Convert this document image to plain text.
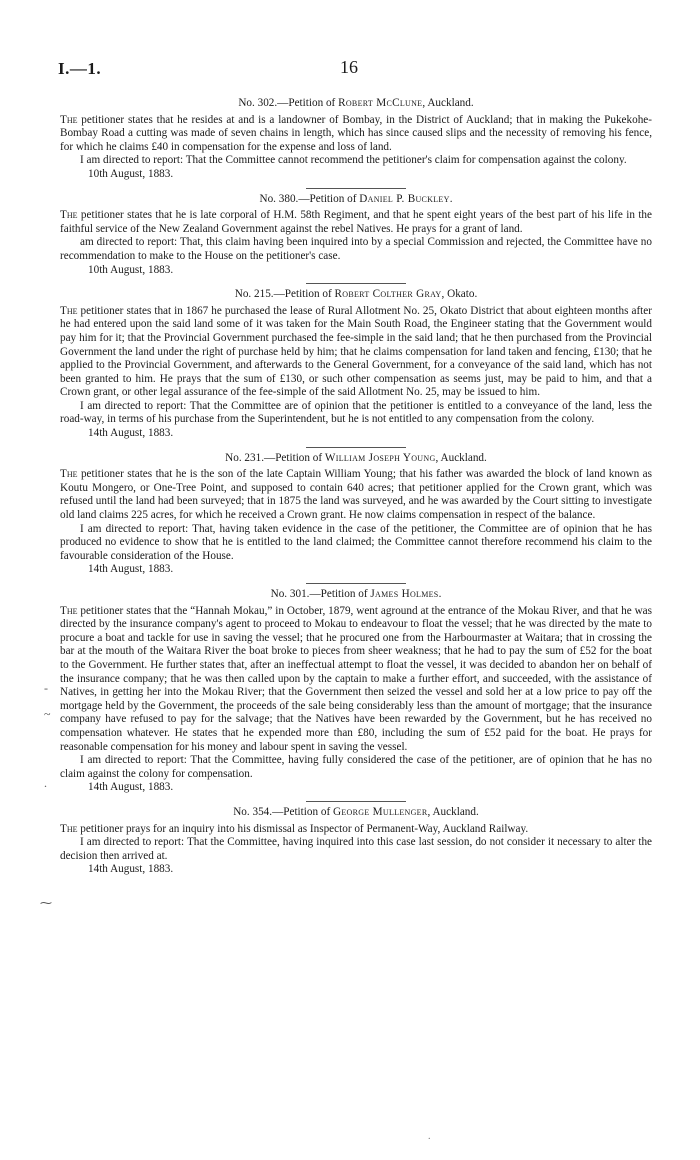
I.—1.	16
-
~
.
⁓
.
No. 302.—Petition of Robert McClune, Auckland.

The petitioner states that he resides at and is a landowner of Bombay, in the District of Auckland; that in making the Pukekohe-Bombay Road a cutting was made of seven chains in length, which has since caused slips and the necessity of removing his fence, for which he claims £40 in compensation for the expense and loss of land.

I am directed to report: That the Committee cannot recommend the petitioner's claim for compensation against the colony.

10th August, 1883.

No. 380.—Petition of Daniel P. Buckley.

The petitioner states that he is late corporal of H.M. 58th Regiment, and that he spent eight years of the best part of his life in the faithful service of the New Zealand Government against the rebel Natives. He prays for a grant of land.

am directed to report: That, this claim having been inquired into by a special Commission and rejected, the Committee have no recommendation to make to the House on the petitioner's case.

10th August, 1883.

No. 215.—Petition of Robert Colther Gray, Okato.

The petitioner states that in 1867 he purchased the lease of Rural Allotment No. 25, Okato District that about eighteen months after he had entered upon the said land some of it was taken for the Main South Road, the Engineer stating that the Government would pay him for it; that the Provincial Government purchased the fee-simple in the said land; that he then purchased from the Provincial Government the land under the right of purchase held by him; that he claims compensation for land taken and fencing, £130; that he applied to the Provincial Government, and afterwards to the General Government, for a conveyance of the said land, which has not been granted to him. He prays that the sum of £130, or such other compensation as seems just, may be paid to him, and that a Crown grant, or other legal assurance of the fee-simple of the said Allotment No. 25, may be issued to him.

I am directed to report: That the Committee are of opinion that the petitioner is entitled to a conveyance of the land, less the road-way, in terms of his purchase from the Superintendent, but he is not entitled to any compensation from the colony.

14th August, 1883.

No. 231.—Petition of William Joseph Young, Auckland.

The petitioner states that he is the son of the late Captain William Young; that his father was awarded the block of land known as Koutu Mongero, or One-Tree Point, and supposed to contain 640 acres; that petitioner applied for the Crown grant, which was refused until the land had been surveyed; that in 1875 the land was surveyed, and he was awarded by the Court sitting to investigate old land claims 225 acres, for which he received a Crown grant. He now claims compensation in respect of the balance.

I am directed to report: That, having taken evidence in the case of the petitioner, the Committee are of opinion that he has produced no evidence to show that he is entitled to the land claimed; the Committee cannot therefore recommend his claim to the favourable consideration of the House.

14th August, 1883.

No. 301.—Petition of James Holmes.

The petitioner states that the “Hannah Mokau,” in October, 1879, went aground at the entrance of the Mokau River, and that he was directed by the insurance company's agent to proceed to Mokau to endeavour to float the vessel; that he was directed by the mate to procure a boat and tackle for use in saving the vessel; that he procured one from the Harbourmaster at Waitara; that in crossing the bar at the mouth of the Waitara River the boat broke to pieces from sheer weakness; that he had to pay the sum of £52 for the boat to the Government. He further states that, after an ineffectual attempt to float the vessel, it was decided to abandon her on behalf of the insurance company; that he was then called upon by the captain to make a further effort, and succeeded, with the assistance of Natives, in getting her into the Mokau River; that the Government then seized the vessel and sold her at a low price to pay off the mortgage held by the Government, the proceeds of the sale being considerably less than the amount of mortgage; that the insurance company have refused to pay for the salvage; that the Natives have been rewarded by the Government, but he has received no compensation whatever. He states that he expended more than £80, including the sum of £52 paid for the boat. He prays for reasonable compensation for his money and labour spent in saving the vessel.

I am directed to report: That the Committee, having fully considered the case of the petitioner, are of opinion that he has no claim against the colony for compensation.

14th August, 1883.

No. 354.—Petition of George Mullenger, Auckland.

The petitioner prays for an inquiry into his dismissal as Inspector of Permanent-Way, Auckland Railway.

I am directed to report: That the Committee, having inquired into this case last session, do not consider it necessary to alter the decision then arrived at.

14th August, 1883.
